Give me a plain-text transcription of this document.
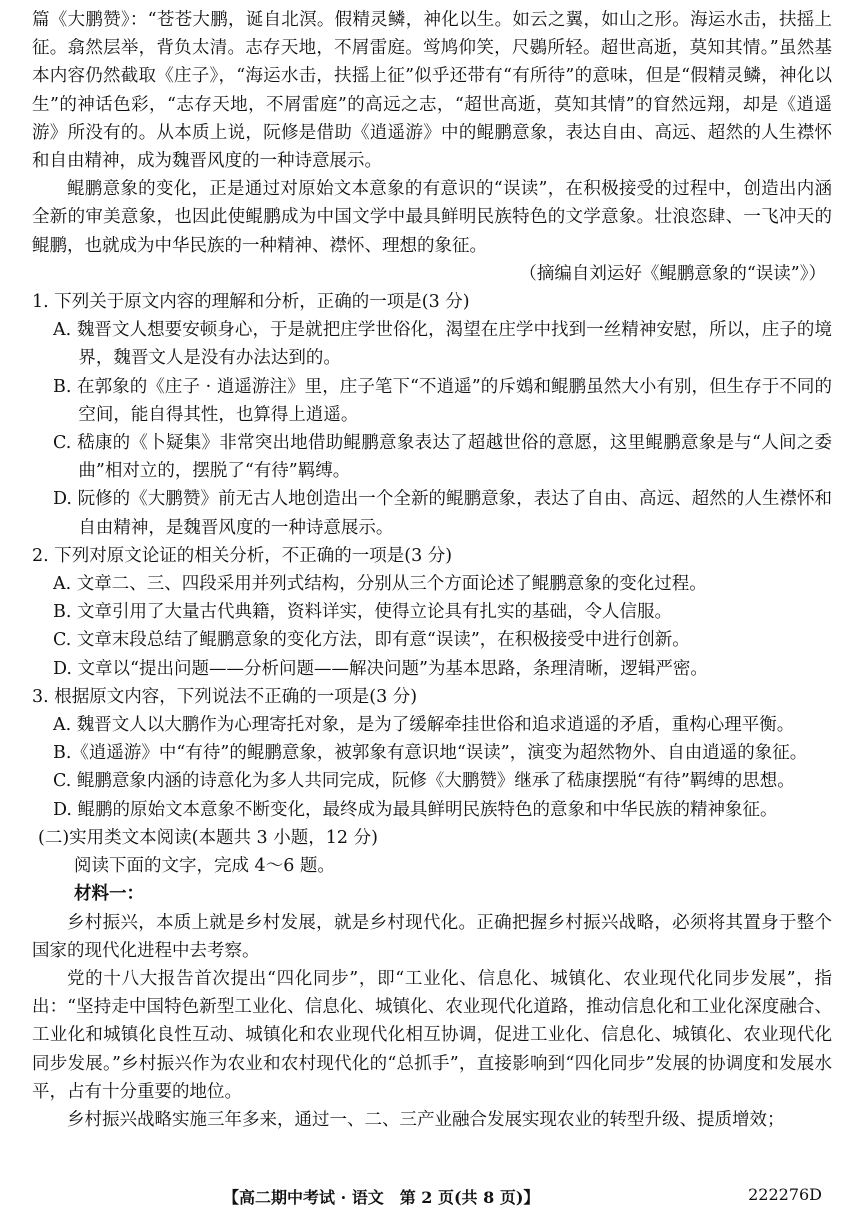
篇《大鹏赞》：“苍苍大鹏，诞自北溟。假精灵鳞，神化以生。如云之翼，如山之形。海运水击，扶摇上征。翕然层举，背负太清。志存天地，不屑雷庭。鸴鸠仰笑，尺鷃所轻。超世高逝，莫知其情。”虽然基本内容仍然截取《庄子》，“海运水击，扶摇上征”似乎还带有“有所待”的意味，但是“假精灵鳞，神化以生”的神话色彩，“志存天地，不屑雷庭”的高远之志，“超世高逝，莫知其情”的窅然远翔，却是《逍遥游》所没有的。从本质上说，阮修是借助《逍遥游》中的鲲鹏意象，表达自由、高远、超然的人生襟怀和自由精神，成为魏晋风度的一种诗意展示。

鲲鹏意象的变化，正是通过对原始文本意象的有意识的“误读”，在积极接受的过程中，创造出内涵全新的审美意象，也因此使鲲鹏成为中国文学中最具鲜明民族特色的文学意象。壮浪恣肆、一飞冲天的鲲鹏，也就成为中华民族的一种精神、襟怀、理想的象征。

（摘编自刘运好《鲲鹏意象的“误读”》）

1. 下列关于原文内容的理解和分析，正确的一项是(3 分)

A. 魏晋文人想要安顿身心，于是就把庄学世俗化，渴望在庄学中找到一丝精神安慰，所以，庄子的境界，魏晋文人是没有办法达到的。

B. 在郭象的《庄子 · 逍遥游注》里，庄子笔下“不逍遥”的斥鴳和鲲鹏虽然大小有别，但生存于不同的空间，能自得其性，也算得上逍遥。

C. 嵇康的《卜疑集》非常突出地借助鲲鹏意象表达了超越世俗的意愿，这里鲲鹏意象是与“人间之委曲”相对立的，摆脱了“有待”羁缚。

D. 阮修的《大鹏赞》前无古人地创造出一个全新的鲲鹏意象，表达了自由、高远、超然的人生襟怀和自由精神，是魏晋风度的一种诗意展示。

2. 下列对原文论证的相关分析，不正确的一项是(3 分)

A. 文章二、三、四段采用并列式结构，分别从三个方面论述了鲲鹏意象的变化过程。

B. 文章引用了大量古代典籍，资料详实，使得立论具有扎实的基础，令人信服。

C. 文章末段总结了鲲鹏意象的变化方法，即有意“误读”，在积极接受中进行创新。

D. 文章以“提出问题——分析问题——解决问题”为基本思路，条理清晰，逻辑严密。

3. 根据原文内容，下列说法不正确的一项是(3 分)

A. 魏晋文人以大鹏作为心理寄托对象，是为了缓解牵挂世俗和追求逍遥的矛盾，重构心理平衡。

B.《逍遥游》中“有待”的鲲鹏意象，被郭象有意识地“误读”，演变为超然物外、自由逍遥的象征。

C. 鲲鹏意象内涵的诗意化为多人共同完成，阮修《大鹏赞》继承了嵇康摆脱“有待”羁缚的思想。

D. 鲲鹏的原始文本意象不断变化，最终成为最具鲜明民族特色的意象和中华民族的精神象征。

(二)实用类文本阅读(本题共 3 小题，12 分)

阅读下面的文字，完成 4～6 题。

材料一：

乡村振兴，本质上就是乡村发展，就是乡村现代化。正确把握乡村振兴战略，必须将其置身于整个国家的现代化进程中去考察。

党的十八大报告首次提出“四化同步”，即“工业化、信息化、城镇化、农业现代化同步发展”，指出：“坚持走中国特色新型工业化、信息化、城镇化、农业现代化道路，推动信息化和工业化深度融合、工业化和城镇化良性互动、城镇化和农业现代化相互协调，促进工业化、信息化、城镇化、农业现代化同步发展。”乡村振兴作为农业和农村现代化的“总抓手”，直接影响到“四化同步”发展的协调度和发展水平，占有十分重要的地位。

乡村振兴战略实施三年多来，通过一、二、三产业融合发展实现农业的转型升级、提质增效；

【高二期中考试 · 语文　第 2 页(共 8 页)】	222276D
